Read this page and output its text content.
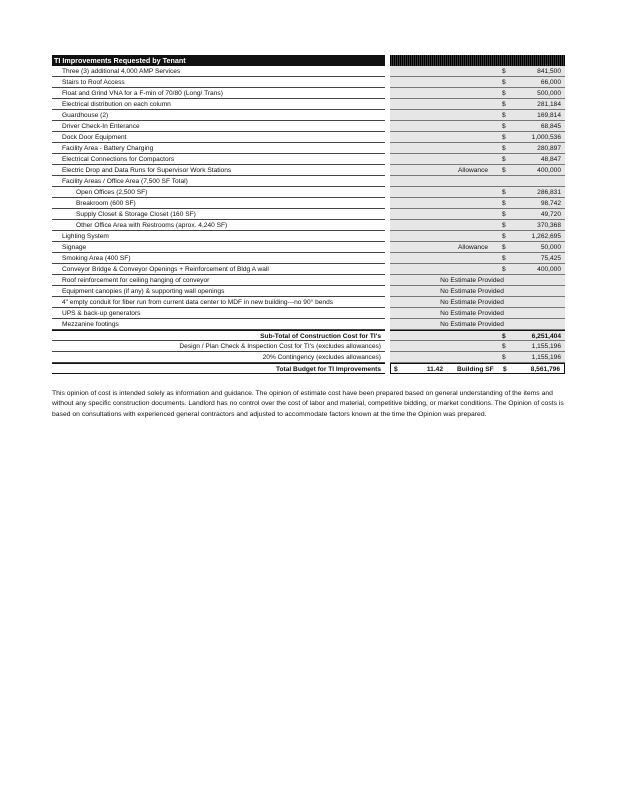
TI Improvements Requested by Tenant
Three (3) additional 4,000 AMP Services	$	841,500
Stairs to Roof Access	$	66,000
Float and Grind VNA for a F-min of 70/80 (Long/ Trans)	$	500,000
Electrical distribution on each column	$	281,184
Guardhouse (2)	$	169,814
Driver Check-In Enterance	$	68,845
Dock Door Equipment	$	1,000,536
Facility Area - Battery Charging	$	280,897
Electrical Connections for Compactors	$	48,847
Electric Drop and Data Runs for Supervisor Work Stations	Allowance $	400,000
Facility Areas / Office Area (7,500 SF Total)
Open Offices (2,500 SF)	$	286,831
Breakroom (600 SF)	$	98,742
Supply Closet & Storage Closet (160 SF)	$	49,720
Other Office Area with Restrooms (aprox. 4,240 SF)	$	370,368
Lighting System	$	1,262,695
Signage	Allowance $	50,000
Smoking Area (400 SF)	$	75,425
Conveyor Bridge & Conveyor Openings + Reinforcement of Bldg A wall	$	400,000
Roof reinforcement for ceiling hanging of conveyor	No Estimate Provided
Equipment canopies (if any) & supporting wall openings	No Estimate Provided
4" empty conduit for fiber run from current data center to MDF in new building---no 90° bends	No Estimate Provided
UPS & back-up generators	No Estimate Provided
Mezzanine footings	No Estimate Provided
Sub-Total of Construction Cost for TI's	$	6,251,404
Design / Plan Check & Inspection Cost for TI's (excludes allowances)	$	1,155,196
20% Contingency (excludes allowances)	$	1,155,196
Total Budget for TI Improvements	$	11.42 Building SF $	8,561,796
This opinion of cost is intended solely as information and guidance. The opinion of estimate cost have been prepared based on general understanding of the items and without any specific construction documents. Landlord has no control over the cost of labor and material, competitive bidding, or market conditions. The Opinion of costs is based on consultations with experienced general contractors and adjusted to accommodate factors known at the time the Opinion was prepared.
